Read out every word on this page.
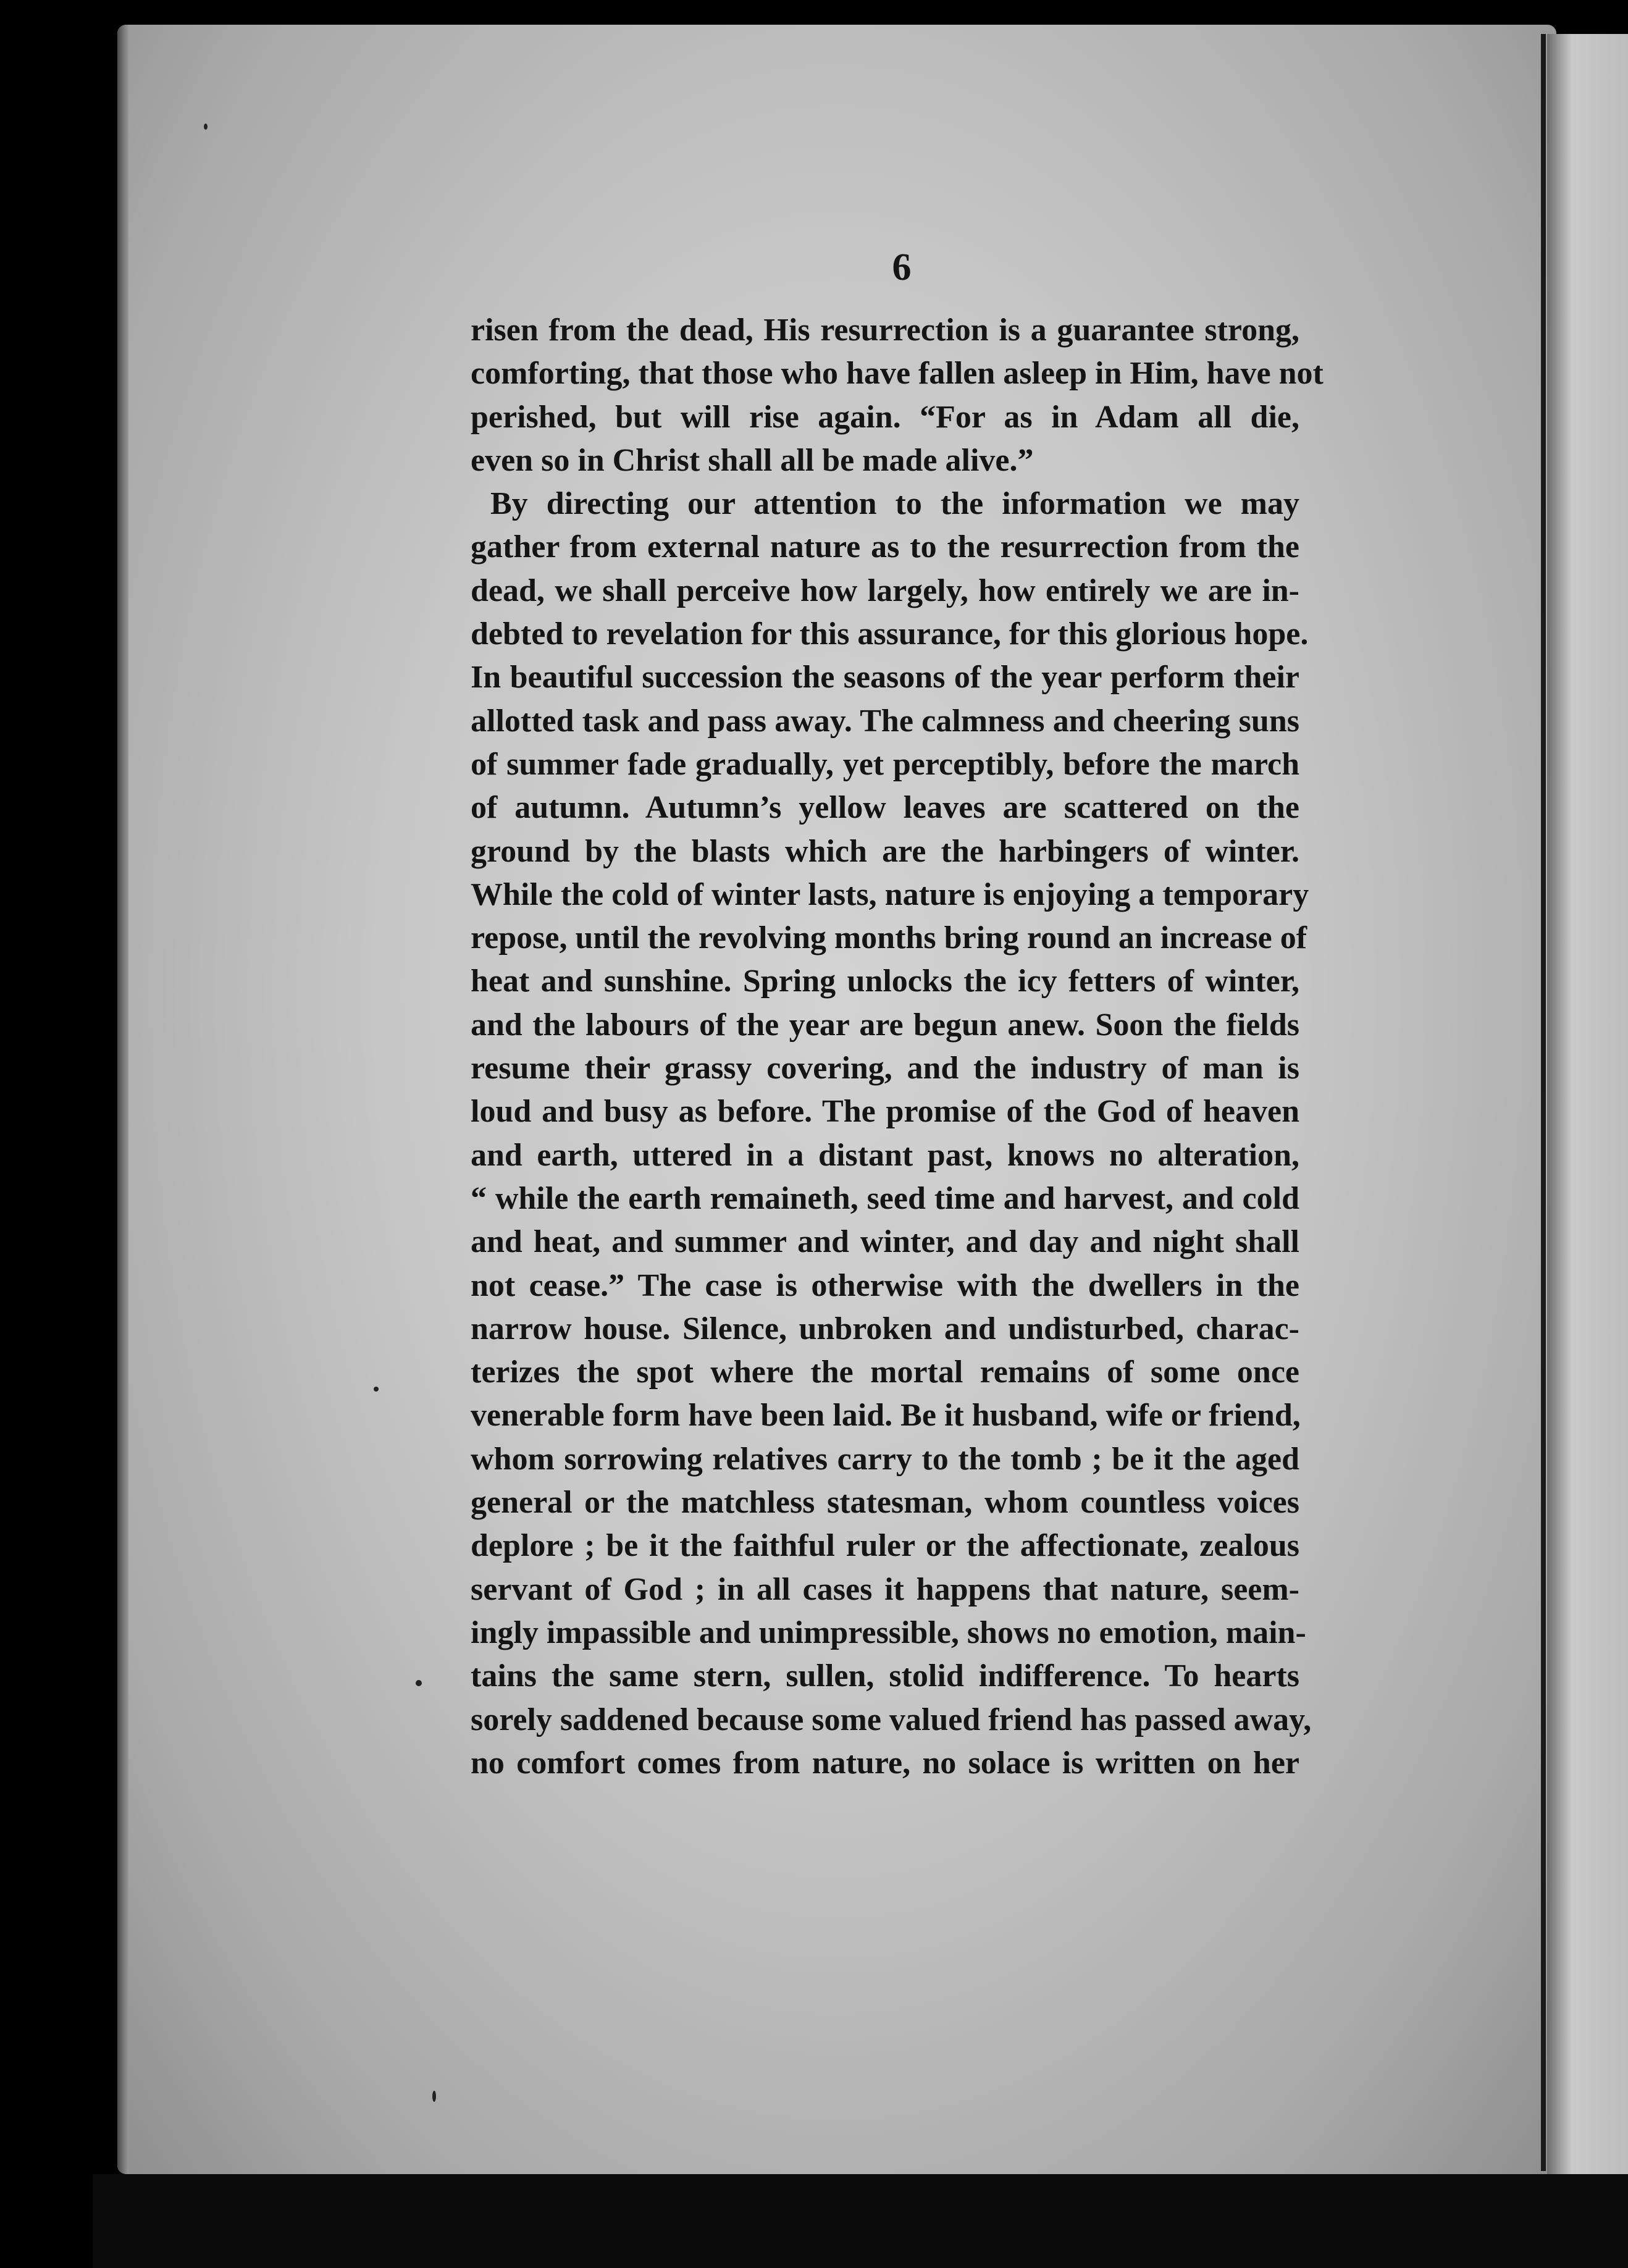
6
risen from the dead, His resurrection is a guarantee strong,
comforting, that those who have fallen asleep in Him, have not
perished, but will rise again. “For as in Adam all die,
even so in Christ shall all be made alive.”
By directing our attention to the information we may
gather from external nature as to the resurrection from the
dead, we shall perceive how largely, how entirely we are in-
debted to revelation for this assurance, for this glorious hope.
In beautiful succession the seasons of the year perform their
allotted task and pass away. The calmness and cheering suns
of summer fade gradually, yet perceptibly, before the march
of autumn. Autumn’s yellow leaves are scattered on the
ground by the blasts which are the harbingers of winter.
While the cold of winter lasts, nature is enjoying a temporary
repose, until the revolving months bring round an increase of
heat and sunshine. Spring unlocks the icy fetters of winter,
and the labours of the year are begun anew. Soon the fields
resume their grassy covering, and the industry of man is
loud and busy as before. The promise of the God of heaven
and earth, uttered in a distant past, knows no alteration,
“ while the earth remaineth, seed time and harvest, and cold
and heat, and summer and winter, and day and night shall
not cease.” The case is otherwise with the dwellers in the
narrow house. Silence, unbroken and undisturbed, charac-
terizes the spot where the mortal remains of some once
venerable form have been laid. Be it husband, wife or friend,
whom sorrowing relatives carry to the tomb ; be it the aged
general or the matchless statesman, whom countless voices
deplore ; be it the faithful ruler or the affectionate, zealous
servant of God ; in all cases it happens that nature, seem-
ingly impassible and unimpressible, shows no emotion, main-
tains the same stern, sullen, stolid indifference. To hearts
sorely saddened because some valued friend has passed away,
no comfort comes from nature, no solace is written on her
